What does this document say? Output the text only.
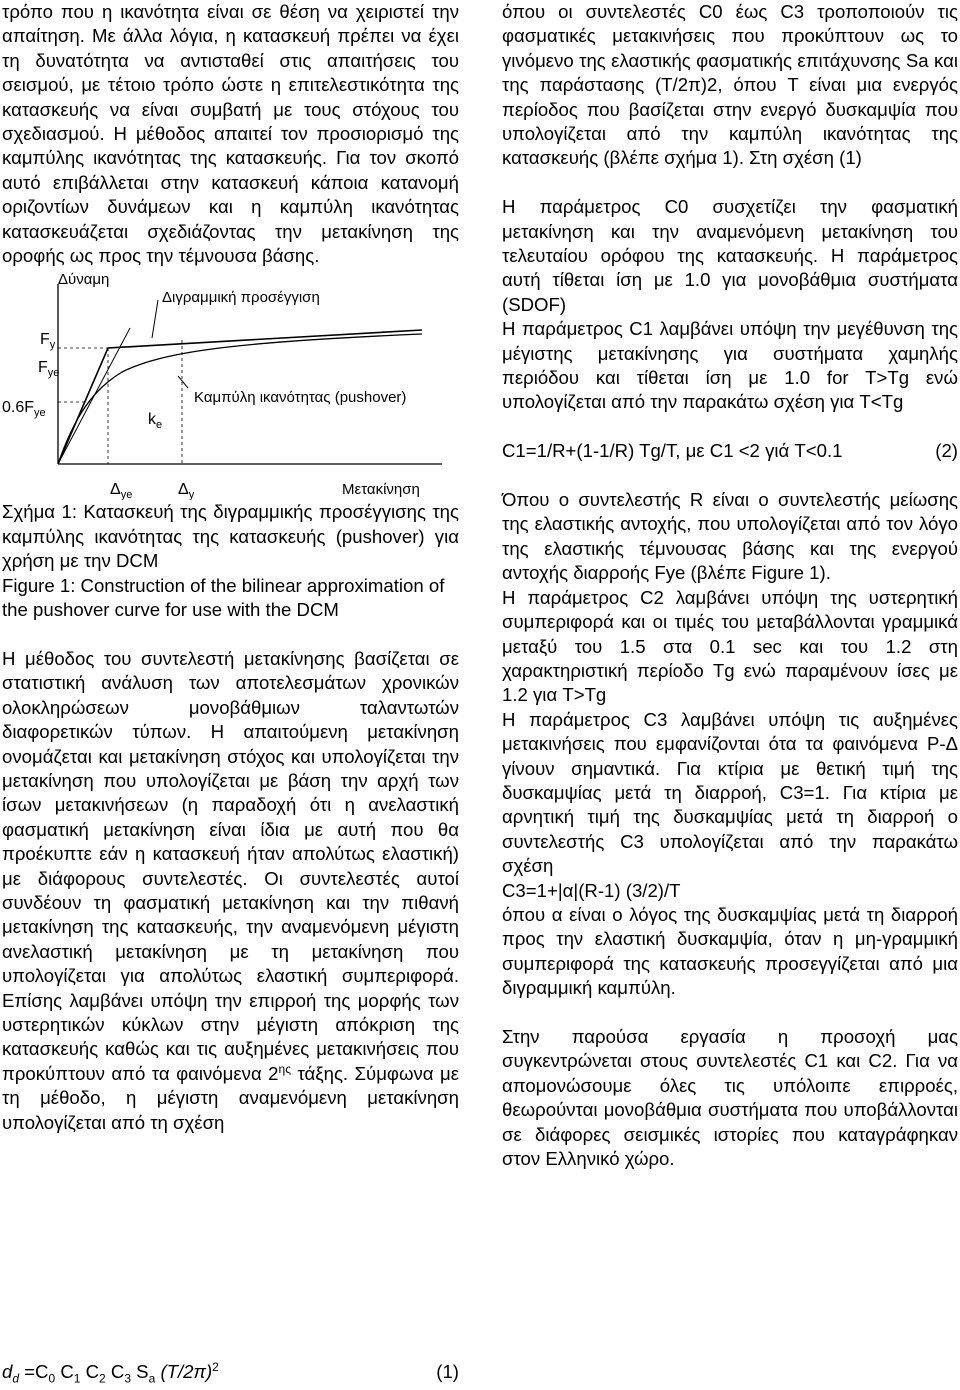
τρόπο που η ικανότητα είναι σε θέση να χειριστεί την απαίτηση. Με άλλα λόγια, η κατασκευή πρέπει να έχει τη δυνατότητα να αντισταθεί στις απαιτήσεις του σεισμού, με τέτοιο τρόπο ώστε η επιτελεστικότητα της κατασκευής να είναι συμβατή με τους στόχους του σχεδιασμού. Η μέθοδος απαιτεί τον προσιορισμό της καμπύλης ικανότητας της κατασκευής. Για τον σκοπό αυτό επιβάλλεται στην κατασκευή κάποια κατανομή οριζοντίων δυνάμεων και η καμπύλη ικανότητας κατασκευάζεται σχεδιάζοντας την μετακίνηση της οροφής ως προς την τέμνουσα βάσης.

Δύναμη
Διγραμμική προσέγγιση
$F_y$
$F_{ye}$
$0.6F_{ye}$	$k_e$
Καμπύλη ικανότητας (pushover)
$\Delta_{ye}$	$\Delta_y$	Μετακίνηση

Σχήμα 1: Κατασκευή της διγραμμικής προσέγγισης της καμπύλης ικανότητας της κατασκευής (pushover) για χρήση με την DCM

Figure 1: Construction of the bilinear approximation of the pushover curve for use with the DCM

Η μέθοδος του συντελεστή μετακίνησης βασίζεται σε στατιστική ανάλυση των αποτελεσμάτων χρονικών ολοκληρώσεων μονοβάθμιων ταλαντωτών διαφορετικών τύπων. Η απαιτούμενη μετακίνηση ονομάζεται και μετακίνηση στόχος και υπολογίζεται την μετακίνηση που υπολογίζεται με βάση την αρχή των ίσων μετακινήσεων (η παραδοχή ότι η ανελαστική φασματική μετακίνηση είναι ίδια με αυτή που θα προέκυπτε εάν η κατασκευή ήταν απολύτως ελαστική) με διάφορους συντελεστές. Οι συντελεστές αυτοί συνδέουν τη φασματική μετακίνηση και την πιθανή μετακίνηση της κατασκευής, την αναμενόμενη μέγιστη ανελαστική μετακίνηση με τη μετακίνηση που υπολογίζεται για απολύτως ελαστική συμπεριφορά. Επίσης λαμβάνει υπόψη την επιρροή της μορφής των υστερητικών κύκλων στην μέγιστη απόκριση της κατασκευής καθώς και τις αυξημένες μετακινήσεις που προκύπτουν από τα φαινόμενα $2^{\eta\varsigma}$ τάξης. Σύμφωνα με τη μέθοδο, η μέγιστη αναμενόμενη μετακίνηση υπολογίζεται από τη σχέση

$d_d =C_0$ $C_1$ $C_2$ $C_3$ $S_a$ $(T/2\pi)^2$	(1)

όπου οι συντελεστές C0 έως C3 τροποποιούν τις φασματικές μετακινήσεις που προκύπτουν ως το γινόμενο της ελαστικής φασματικής επιτάχυνσης Sa και της παράστασης (T/2π)2, όπου T είναι μια ενεργός περίοδος που βασίζεται στην ενεργό δυσκαμψία που υπολογίζεται από την καμπύλη ικανότητας της κατασκευής (βλέπε σχήμα 1). Στη σχέση (1)

Η παράμετρος C0 συσχετίζει την φασματική μετακίνηση και την αναμενόμενη μετακίνηση του τελευταίου ορόφου της κατασκευής. Η παράμετρος αυτή τίθεται ίση με 1.0 για μονοβάθμια συστήματα (SDOF)

Η παράμετρος C1 λαμβάνει υπόψη την μεγέθυνση της μέγιστης μετακίνησης για συστήματα χαμηλής περιόδου και τίθεται ίση με 1.0 for T>Tg ενώ υπολογίζεται από την παρακάτω σχέση για T<Tg

C1=1/R+(1-1/R) Tg/T, με C1 <2 γιά T<0.1	(2)

Όπου ο συντελεστής R είναι ο συντελεστής μείωσης της ελαστικής αντοχής, που υπολογίζεται από τον λόγο της ελαστικής τέμνουσας βάσης και της ενεργού αντοχής διαρροής Fye (βλέπε Figure 1).

Η παράμετρος C2 λαμβάνει υπόψη της υστερητική συμπεριφορά και οι τιμές του μεταβάλλονται γραμμικά μεταξύ του 1.5 στα 0.1 sec και του 1.2 στη χαρακτηριστική περίοδο Tg ενώ παραμένουν ίσες με 1.2 για T>Tg

Η παράμετρος C3 λαμβάνει υπόψη τις αυξημένες μετακινήσεις που εμφανίζονται ότα τα φαινόμενα P-Δ γίνουν σημαντικά. Για κτίρια με θετική τιμή της δυσκαμψίας μετά τη διαρροή, C3=1. Για κτίρια με αρνητική τιμή της δυσκαμψίας μετά τη διαρροή ο συντελεστής C3 υπολογίζεται από την παρακάτω σχέση

C3=1+|α|(R-1) (3/2)/T

όπου α είναι ο λόγος της δυσκαμψίας μετά τη διαρροή προς την ελαστική δυσκαμψία, όταν η μη-γραμμική συμπεριφορά της κατασκευής προσεγγίζεται από μια διγραμμική καμπύλη.

Στην παρούσα εργασία η προσοχή μας συγκεντρώνεται στους συντελεστές C1 και C2. Για να απομονώσουμε όλες τις υπόλοιπε επιρροές, θεωρούνται μονοβάθμια συστήματα που υποβάλλονται σε διάφορες σεισμικές ιστορίες που καταγράφηκαν στον Ελληνικό χώρο.
